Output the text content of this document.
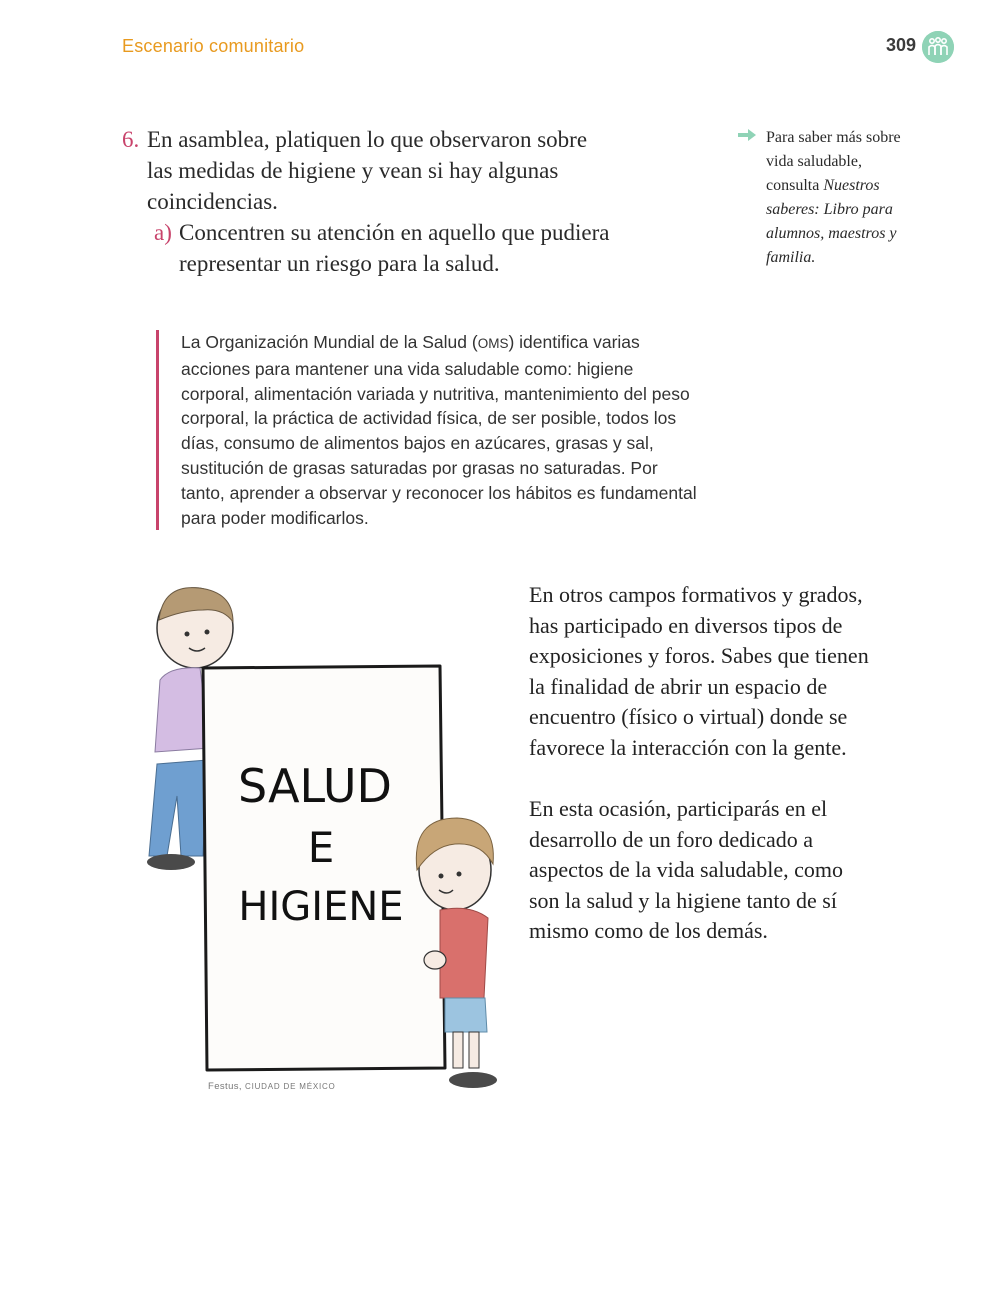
Escenario comunitario	309
6. En asamblea, platiquen lo que observaron sobre las medidas de higiene y vean si hay algunas coincidencias.
a) Concentren su atención en aquello que pudiera representar un riesgo para la salud.
Para saber más sobre vida saludable, consulta Nuestros saberes: Libro para alumnos, maestros y familia.
La Organización Mundial de la Salud (OMS) identifica varias acciones para mantener una vida saludable como: higiene corporal, alimentación variada y nutritiva, mantenimiento del peso corporal, la práctica de actividad física, de ser posible, todos los días, consumo de alimentos bajos en azúcares, grasas y sal, sustitución de grasas saturadas por grasas no saturadas. Por tanto, aprender a observar y reconocer los hábitos es fundamental para poder modificarlos.
SALUD
E
HIGIENE
Festus, CIUDAD DE MÉXICO
En otros campos formativos y grados, has participado en diversos tipos de exposiciones y foros. Sabes que tienen la finalidad de abrir un espacio de encuentro (físico o virtual) donde se favorece la interacción con la gente.
En esta ocasión, participarás en el desarrollo de un foro dedicado a aspectos de la vida saludable, como son la salud y la higiene tanto de sí mismo como de los demás.
